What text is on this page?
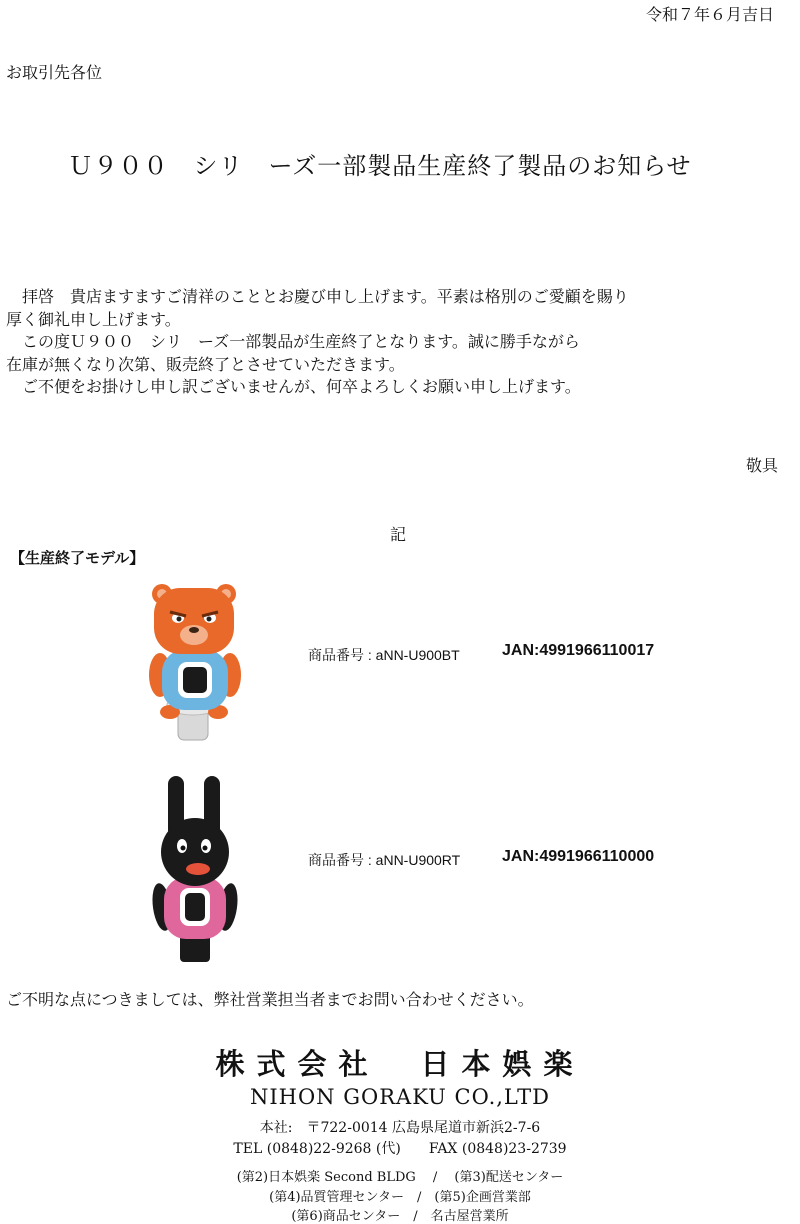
令和７年６月吉日
お取引先各位
Ｕ９００　シリ　ーズ一部製品生産終了製品のお知らせ

　拝啓　貴店ますますご清祥のこととお慶び申し上げます。平素は格別のご愛顧を賜り

厚く御礼申し上げます。

　この度Ｕ９００　シリ　ーズ一部製品が生産終了となります。誠に勝手ながら

在庫が無くなり次第、販売終了とさせていただきます。

　ご不便をお掛けし申し訳ございませんが、何卒よろしくお願い申し上げます。

敬具
記
【生産終了モデル】
商品番号 : aNN-U900BT	JAN:4991966110017
商品番号 : aNN-U900RT	JAN:4991966110000
ご不明な点につきましては、弊社営業担当者までお問い合わせください。
株式会社　日本娯楽
NIHON GORAKU CO.,LTD
本社:　〒722-0014 広島県尾道市新浜2-7-6
TEL (0848)22-9268 (代)　　FAX (0848)23-2739
(第2)日本娯楽 Second BLDG　 /　 (第3)配送センター
(第4)品質管理センター　/　(第5)企画営業部
(第6)商品センター　/　名古屋営業所
